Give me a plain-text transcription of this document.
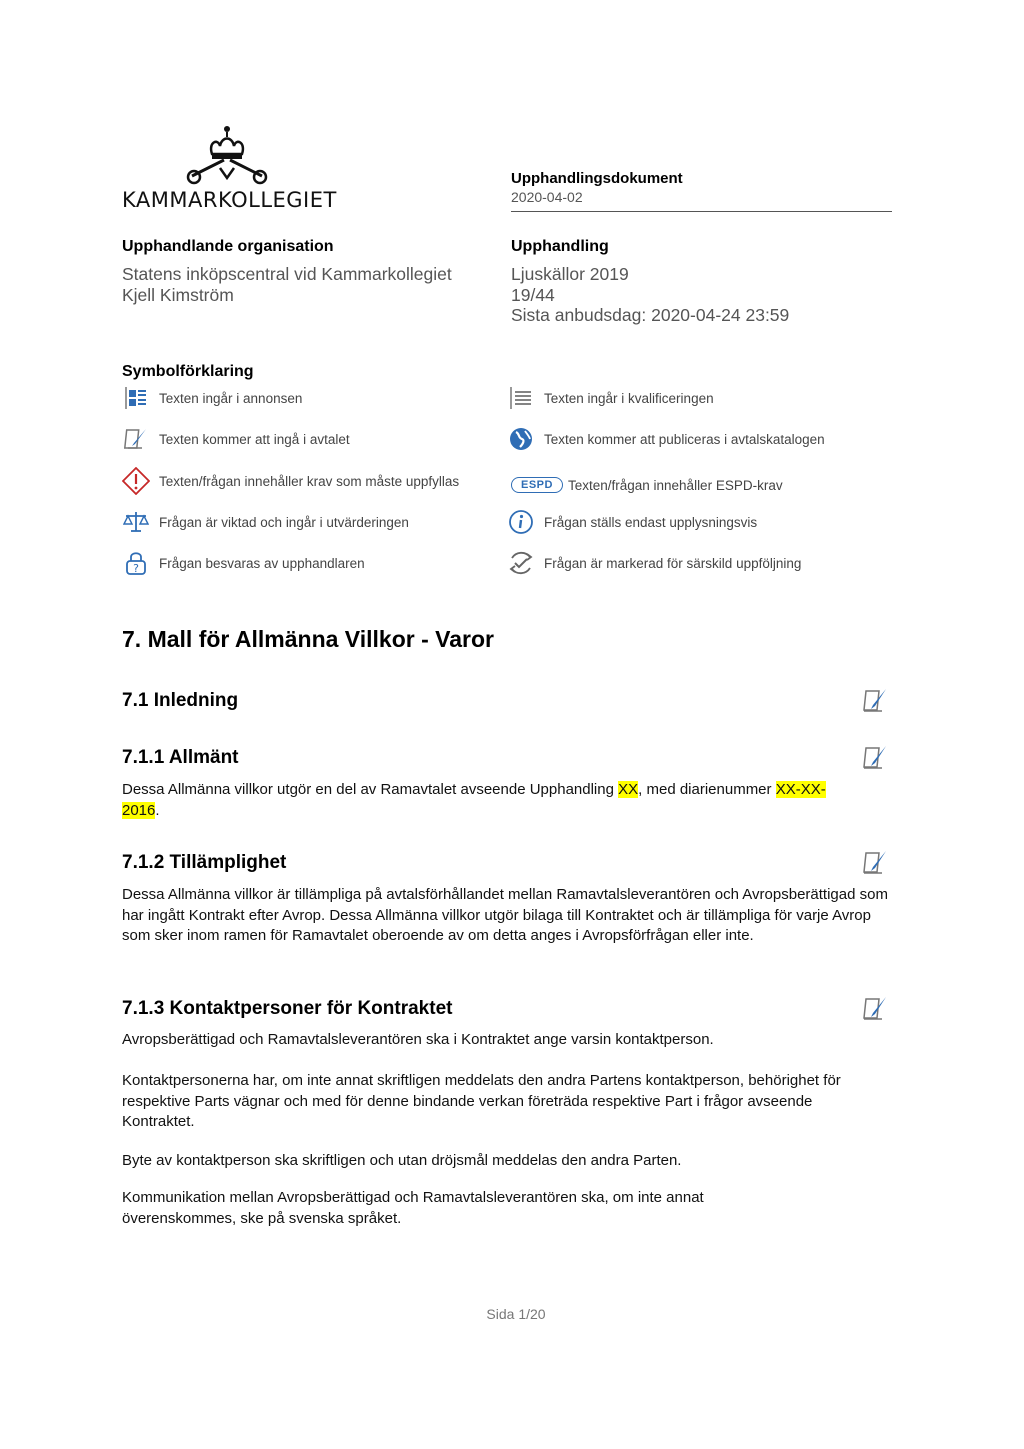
KAMMARKOLLEGIET
Upphandlingsdokument
2020-04-02
Upphandlande organisation
Statens inköpscentral vid Kammarkollegiet
Kjell Kimström
Upphandling
Ljuskällor 2019
19/44
Sista anbudsdag: 2020-04-24 23:59
Symbolförklaring
Texten ingår i annonsen	Texten ingår i kvalificeringen
Texten kommer att ingå i avtalet	Texten kommer att publiceras i avtalskatalogen
Texten/frågan innehåller krav som måste uppfyllas	ESPD	Texten/frågan innehåller ESPD-krav
Frågan är viktad och ingår i utvärderingen	Frågan ställs endast upplysningsvis
? Frågan besvaras av upphandlaren	Frågan är markerad för särskild uppföljning
7. Mall för Allmänna Villkor - Varor
7.1 Inledning
7.1.1 Allmänt

Dessa Allmänna villkor utgör en del av Ramavtalet avseende Upphandling XX, med diarienummer XX-XX-
2016.

7.1.2 Tillämplighet

Dessa Allmänna villkor är tillämpliga på avtalsförhållandet mellan Ramavtalsleverantören och Avropsberättigad som har ingått Kontrakt efter Avrop. Dessa Allmänna villkor utgör bilaga till Kontraktet och är tillämpliga för varje Avrop som sker inom ramen för Ramavtalet oberoende av om detta anges i Avropsförfrågan eller inte.

7.1.3 Kontaktpersoner för Kontraktet
Avropsberättigad och Ramavtalsleverantören ska i Kontraktet ange varsin kontaktperson.
Kontaktpersonerna har, om inte annat skriftligen meddelats den andra Partens kontaktperson, behörighet för respektive Parts vägnar och med för denne bindande verkan företräda respektive Part i frågor avseende Kontraktet.
Byte av kontaktperson ska skriftligen och utan dröjsmål meddelas den andra Parten.
Kommunikation mellan Avropsberättigad och Ramavtalsleverantören ska, om inte annat överenskommes, ske på svenska språket.
Sida 1/20
